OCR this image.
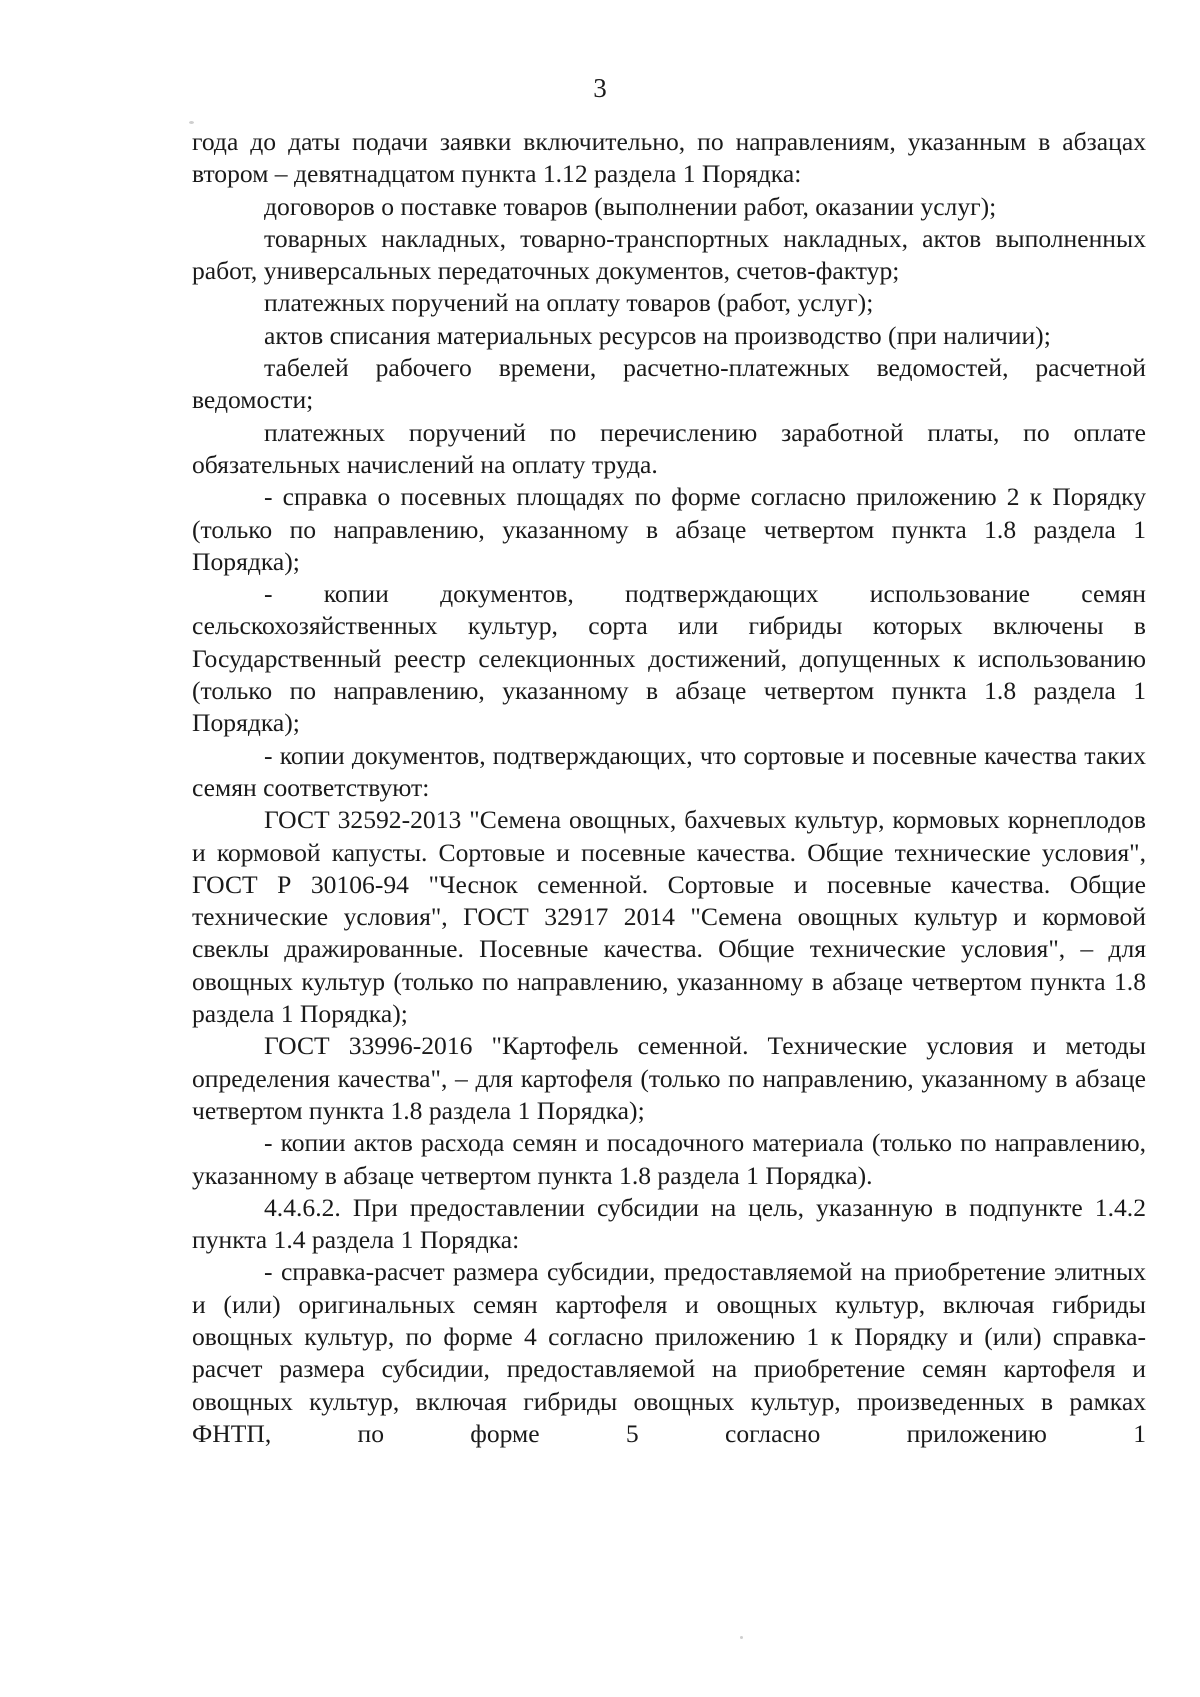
3

года до даты подачи заявки включительно, по направлениям, указанным в абзацах втором – девятнадцатом пункта 1.12 раздела 1 Порядка:

договоров о поставке товаров (выполнении работ, оказании услуг);

товарных накладных, товарно-транспортных накладных, актов выполненных работ, универсальных передаточных документов, счетов-фактур;

платежных поручений на оплату товаров (работ, услуг);

актов списания материальных ресурсов на производство (при наличии);

табелей рабочего времени, расчетно-платежных ведомостей, расчетной ведомости;

платежных поручений по перечислению заработной платы, по оплате обязательных начислений на оплату труда.

- справка о посевных площадях по форме согласно приложению 2 к Порядку (только по направлению, указанному в абзаце четвертом пункта 1.8 раздела 1 Порядка);

- копии документов, подтверждающих использование семян сельскохозяйственных культур, сорта или гибриды которых включены в Государственный реестр селекционных достижений, допущенных к использованию (только по направлению, указанному в абзаце четвертом пункта 1.8 раздела 1 Порядка);

- копии документов, подтверждающих, что сортовые и посевные качества таких семян соответствуют:

ГОСТ 32592-2013 "Семена овощных, бахчевых культур, кормовых корнеплодов и кормовой капусты. Сортовые и посевные качества. Общие технические условия", ГОСТ Р 30106-94 "Чеснок семенной. Сортовые и посевные качества. Общие технические условия", ГОСТ 32917 2014 "Семена овощных культур и кормовой свеклы дражированные. Посевные качества. Общие технические условия", – для овощных культур (только по направлению, указанному в абзаце четвертом пункта 1.8 раздела 1 Порядка);

ГОСТ 33996-2016 "Картофель семенной. Технические условия и методы определения качества", – для картофеля (только по направлению, указанному в абзаце четвертом пункта 1.8 раздела 1 Порядка);

- копии актов расхода семян и посадочного материала (только по направлению, указанному в абзаце четвертом пункта 1.8 раздела 1 Порядка).

4.4.6.2. При предоставлении субсидии на цель, указанную в подпункте 1.4.2 пункта 1.4 раздела 1 Порядка:

- справка-расчет размера субсидии, предоставляемой на приобретение элитных и (или) оригинальных семян картофеля и овощных культур, включая гибриды овощных культур, по форме 4 согласно приложению 1 к Порядку и (или) справка-расчет размера субсидии, предоставляемой на приобретение семян картофеля и овощных культур, включая гибриды овощных культур, произведенных в рамках ФНТП, по форме 5 согласно приложению 1
